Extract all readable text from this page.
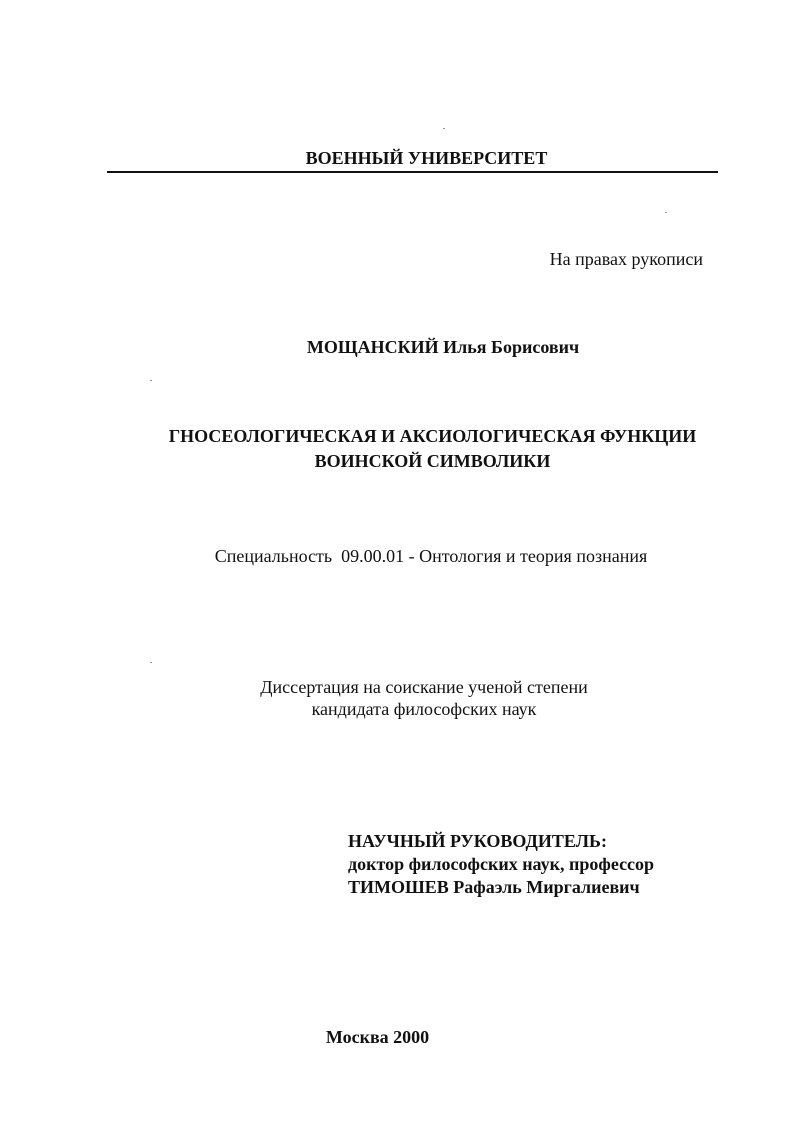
ВОЕННЫЙ УНИВЕРСИТЕТ
На правах рукописи
МОЩАНСКИЙ Илья Борисович
ГНОСЕОЛОГИЧЕСКАЯ И АКСИОЛОГИЧЕСКАЯ ФУНКЦИИ
ВОИНСКОЙ СИМВОЛИКИ
Специальность  09.00.01 - Онтология и теория познания
Диссертация на соискание ученой степени
кандидата философских наук
НАУЧНЫЙ РУКОВОДИТЕЛЬ:
доктор философских наук, профессор
ТИМОШЕВ Рафаэль Миргалиевич
Москва 2000
